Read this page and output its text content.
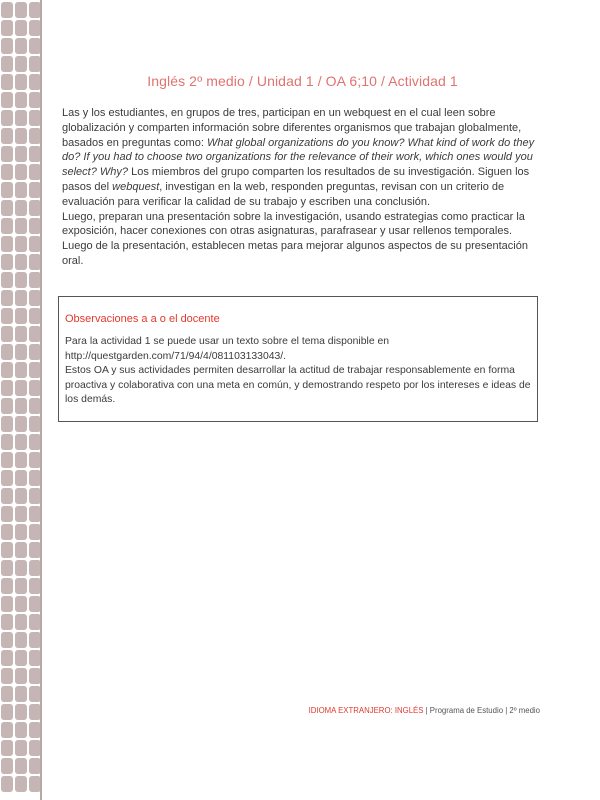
Inglés 2º medio / Unidad 1 / OA 6;10 / Actividad 1

Las y los estudiantes, en grupos de tres, participan en un webquest en el cual leen sobre globalización y comparten información sobre diferentes organismos que trabajan globalmente, basados en preguntas como: What global organizations do you know? What kind of work do they do? If you had to choose two organizations for the relevance of their work, which ones would you select? Why? Los miembros del grupo comparten los resultados de su investigación. Siguen los pasos del webquest, investigan en la web, responden preguntas, revisan con un criterio de evaluación para verificar la calidad de su trabajo y escriben una conclusión.

Luego, preparan una presentación sobre la investigación, usando estrategias como practicar la exposición, hacer conexiones con otras asignaturas, parafrasear y usar rellenos temporales.

Luego de la presentación, establecen metas para mejorar algunos aspectos de su presentación oral.

Observaciones a a o el docente

Para la actividad 1 se puede usar un texto sobre el tema disponible en

http://questgarden.com/71/94/4/081103133043/.

Estos OA y sus actividades permiten desarrollar la actitud de trabajar responsablemente en forma proactiva y colaborativa con una meta en común, y demostrando respeto por los intereses e ideas de los demás.

IDIOMA EXTRANJERO: INGLÉS | Programa de Estudio | 2º medio
